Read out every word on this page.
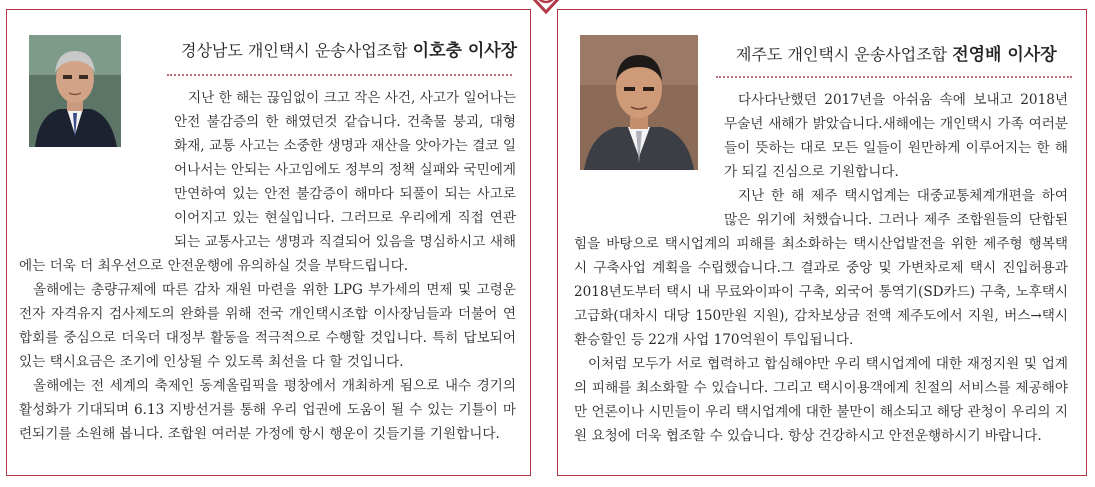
경상남도 개인택시 운송사업조합 이호충 이사장

지난 한 해는 끊임없이 크고 작은 사건, 사고가 일어나는 안전 불감증의 한 해였던것 같습니다. 건축물 붕괴, 대형 화재, 교통 사고는 소중한 생명과 재산을 앗아가는 결코 일어나서는 안되는 사고임에도 정부의 정책 실패와 국민에게 만연하여 있는 안전 불감증이 해마다 되풀이 되는 사고로 이어지고 있는 현실입니다. 그러므로 우리에게 직접 연관되는 교통사고는 생명과 직결되어 있음을 명심하시고 새해에는 더욱 더 최우선으로 안전운행에 유의하실 것을 부탁드립니다.

올해에는 총량규제에 따른 감차 재원 마련을 위한 LPG 부가세의 면제 및 고령운전자 자격유지 검사제도의 완화를 위해 전국 개인택시조합 이사장님들과 더불어 연합회를 중심으로 더욱더 대정부 활동을 적극적으로 수행할 것입니다. 특히 답보되어 있는 택시요금은 조기에 인상될 수 있도록 최선을 다 할 것입니다.

올해에는 전 세계의 축제인 동계올림픽을 평창에서 개최하게 됨으로 내수 경기의 활성화가 기대되며 6.13 지방선거를 통해 우리 업권에 도움이 될 수 있는 기틀이 마련되기를 소원해 봅니다. 조합원 여러분 가정에 항시 행운이 깃들기를 기원합니다.

제주도 개인택시 운송사업조합 전영배 이사장

다사다난했던 2017년을 아쉬움 속에 보내고 2018년 무술년 새해가 밝았습니다.새해에는 개인택시 가족 여러분들이 뜻하는 대로 모든 일들이 원만하게 이루어지는 한 해가 되길 진심으로 기원합니다.

지난 한 해 제주 택시업계는 대중교통체계개편을 하여 많은 위기에 처했습니다. 그러나 제주 조합원들의 단합된 힘을 바탕으로 택시업계의 피해를 최소화하는 택시산업발전을 위한 제주형 행복택시 구축사업 계획을 수립했습니다.그 결과로 중앙 및 가변차로제 택시 진입허용과 2018년도부터 택시 내 무료와이파이 구축, 외국어 통역기(SD카드) 구축, 노후택시 고급화(대차시 대당 150만원 지원), 감차보상금 전액 제주도에서 지원, 버스→택시 환승할인 등 22개 사업 170억원이 투입됩니다.

이처럼 모두가 서로 협력하고 합심해야만 우리 택시업계에 대한 재정지원 및 업계의 피해를 최소화할 수 있습니다. 그리고 택시이용객에게 친절의 서비스를 제공해야만 언론이나 시민들이 우리 택시업계에 대한 불만이 해소되고 해당 관청이 우리의 지원 요청에 더욱 협조할 수 있습니다. 항상 건강하시고 안전운행하시기 바랍니다.
